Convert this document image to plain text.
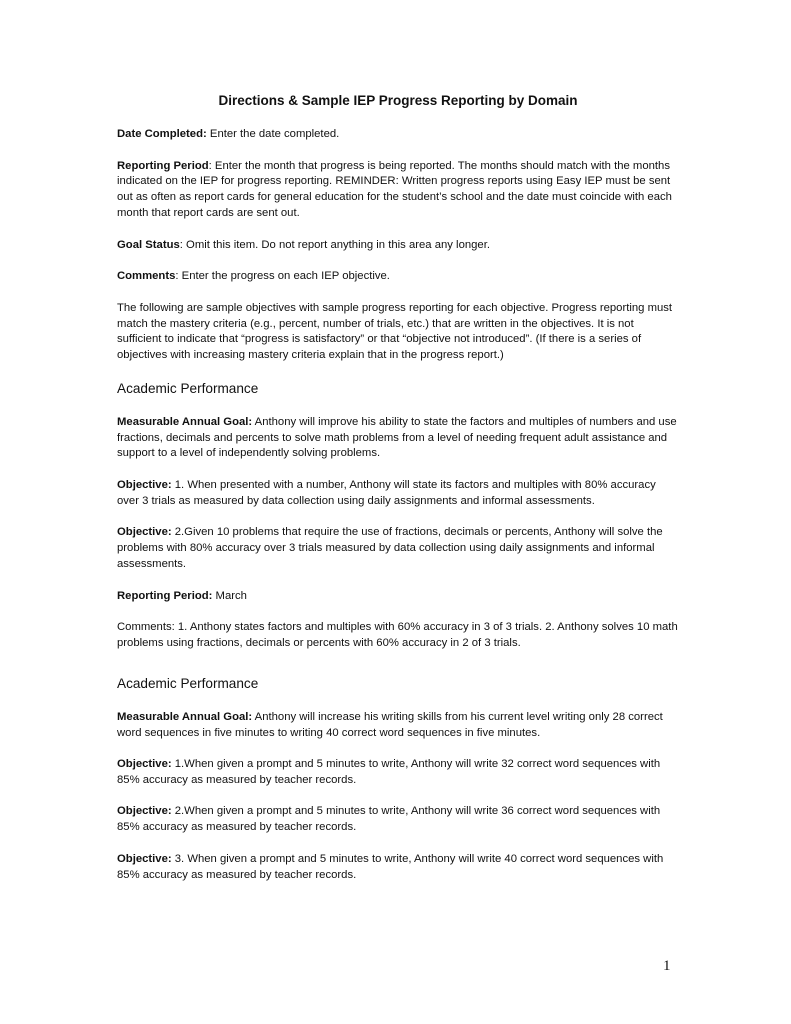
Directions & Sample IEP Progress Reporting by Domain

Date Completed: Enter the date completed.

Reporting Period: Enter the month that progress is being reported. The months should match with the months indicated on the IEP for progress reporting. REMINDER: Written progress reports using Easy IEP must be sent out as often as report cards for general education for the student’s school and the date must coincide with each month that report cards are sent out.

Goal Status: Omit this item. Do not report anything in this area any longer.

Comments: Enter the progress on each IEP objective.

The following are sample objectives with sample progress reporting for each objective. Progress reporting must match the mastery criteria (e.g., percent, number of trials, etc.) that are written in the objectives. It is not sufficient to indicate that “progress is satisfactory” or that “objective not introduced”. (If there is a series of objectives with increasing mastery criteria explain that in the progress report.)

Academic Performance

Measurable Annual Goal: Anthony will improve his ability to state the factors and multiples of numbers and use fractions, decimals and percents to solve math problems from a level of needing frequent adult assistance and support to a level of independently solving problems.

Objective: 1. When presented with a number, Anthony will state its factors and multiples with 80% accuracy over 3 trials as measured by data collection using daily assignments and informal assessments.

Objective: 2.Given 10 problems that require the use of fractions, decimals or percents, Anthony will solve the problems with 80% accuracy over 3 trials measured by data collection using daily assignments and informal assessments.

Reporting Period: March

Comments: 1. Anthony states factors and multiples with 60% accuracy in 3 of 3 trials. 2. Anthony solves 10 math problems using fractions, decimals or percents with 60% accuracy in 2 of 3 trials.

Academic Performance

Measurable Annual Goal: Anthony will increase his writing skills from his current level writing only 28 correct word sequences in five minutes to writing 40 correct word sequences in five minutes.

Objective: 1.When given a prompt and 5 minutes to write, Anthony will write 32 correct word sequences with 85% accuracy as measured by teacher records.

Objective: 2.When given a prompt and 5 minutes to write, Anthony will write 36 correct word sequences with 85% accuracy as measured by teacher records.

Objective: 3. When given a prompt and 5 minutes to write, Anthony will write 40 correct word sequences with 85% accuracy as measured by teacher records.

1
